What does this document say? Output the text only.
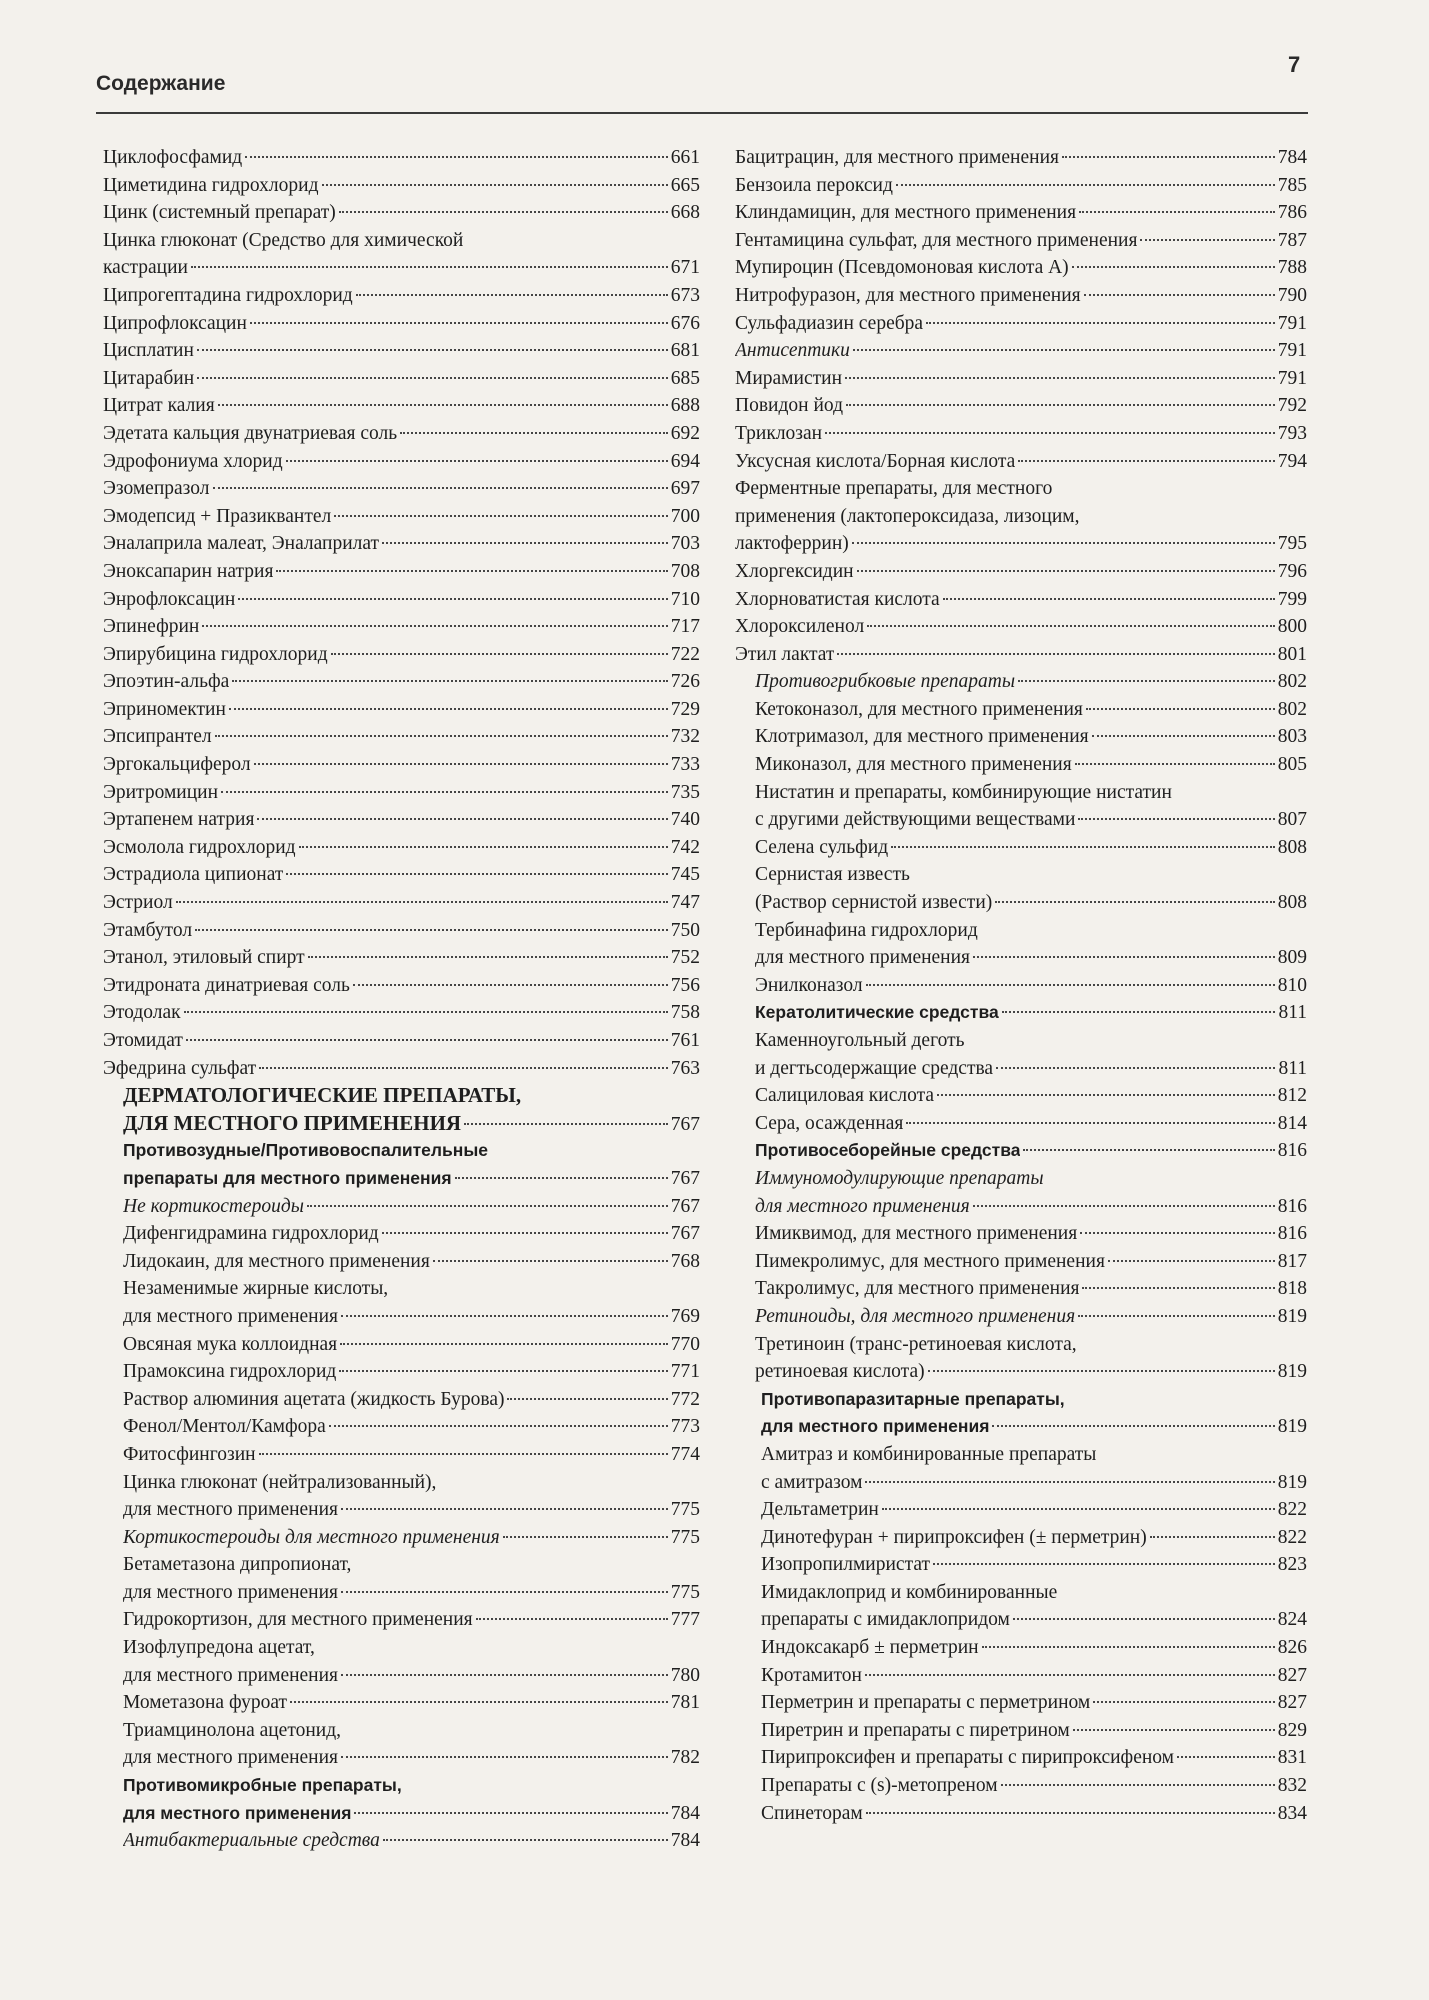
7
Содержание
Циклофосфамид	661
Циметидина гидрохлорид	665
Цинк (системный препарат)	668
Цинка глюконат (Средство для химической
кастрации	671
Ципрогептадина гидрохлорид	673
Ципрофлоксацин	676
Цисплатин	681
Цитарабин	685
Цитрат калия	688
Эдетата кальция двунатриевая соль	692
Эдрофониума хлорид	694
Эзомепразол	697
Эмодепсид + Празиквантел	700
Эналаприла малеат, Эналаприлат	703
Эноксапарин натрия	708
Энрофлоксацин	710
Эпинефрин	717
Эпирубицина гидрохлорид	722
Эпоэтин-альфа	726
Эприномектин	729
Эпсипрантел	732
Эргокальциферол	733
Эритромицин	735
Эртапенем натрия	740
Эсмолола гидрохлорид	742
Эстрадиола ципионат	745
Эстриол	747
Этамбутол	750
Этанол, этиловый спирт	752
Этидроната динатриевая соль	756
Этодолак	758
Этомидат	761
Эфедрина сульфат	763
ДЕРМАТОЛОГИЧЕСКИЕ ПРЕПАРАТЫ,
ДЛЯ МЕСТНОГО ПРИМЕНЕНИЯ	767
Противозудные/Противовоспалительные
препараты для местного применения	767
Не кортикостероиды	767
Дифенгидрамина гидрохлорид	767
Лидокаин, для местного применения	768
Незаменимые жирные кислоты,
для местного применения	769
Овсяная мука коллоидная	770
Прамоксина гидрохлорид	771
Раствор алюминия ацетата (жидкость Бурова)	772
Фенол/Ментол/Камфора	773
Фитосфингозин	774
Цинка глюконат (нейтрализованный),
для местного применения	775
Кортикостероиды для местного применения	775
Бетаметазона дипропионат,
для местного применения	775
Гидрокортизон, для местного применения	777
Изофлупредона ацетат,
для местного применения	780
Мометазона фуроат	781
Триамцинолона ацетонид,
для местного применения	782
Противомикробные препараты,
для местного применения	784
Антибактериальные средства	784
Бацитрацин, для местного применения	784
Бензоила пероксид	785
Клиндамицин, для местного применения	786
Гентамицина сульфат, для местного применения	787
Мупироцин (Псевдомоновая кислота А)	788
Нитрофуразон, для местного применения	790
Сульфадиазин серебра	791
Антисептики	791
Мирамистин	791
Повидон йод	792
Триклозан	793
Уксусная кислота/Борная кислота	794
Ферментные препараты, для местного
применения (лактопероксидаза, лизоцим,
лактоферрин)	795
Хлоргексидин	796
Хлорноватистая кислота	799
Хлороксиленол	800
Этил лактат	801
Противогрибковые препараты	802
Кетоконазол, для местного применения	802
Клотримазол, для местного применения	803
Миконазол, для местного применения	805
Нистатин и препараты, комбинирующие нистатин
с другими действующими веществами	807
Селена сульфид	808
Сернистая известь
(Раствор сернистой извести)	808
Тербинафина гидрохлорид
для местного применения	809
Энилконазол	810
Кератолитические средства	811
Каменноугольный деготь
и дегтьсодержащие средства	811
Салициловая кислота	812
Сера, осажденная	814
Противосеборейные средства	816
Иммуномодулирующие препараты
для местного применения	816
Имиквимод, для местного применения	816
Пимекролимус, для местного применения	817
Такролимус, для местного применения	818
Ретиноиды, для местного применения	819
Третиноин (транс-ретиноевая кислота,
ретиноевая кислота)	819
Противопаразитарные препараты,
для местного применения	819
Амитраз и комбинированные препараты
с амитразом	819
Дельтаметрин	822
Динотефуран + пирипроксифен (± перметрин)	822
Изопропилмиристат	823
Имидаклоприд и комбинированные
препараты с имидаклопридом	824
Индоксакарб ± перметрин	826
Кротамитон	827
Перметрин и препараты с перметрином	827
Пиретрин и препараты с пиретрином	829
Пирипроксифен и препараты с пирипроксифеном	831
Препараты с (s)-метопреном	832
Спинеторам	834
